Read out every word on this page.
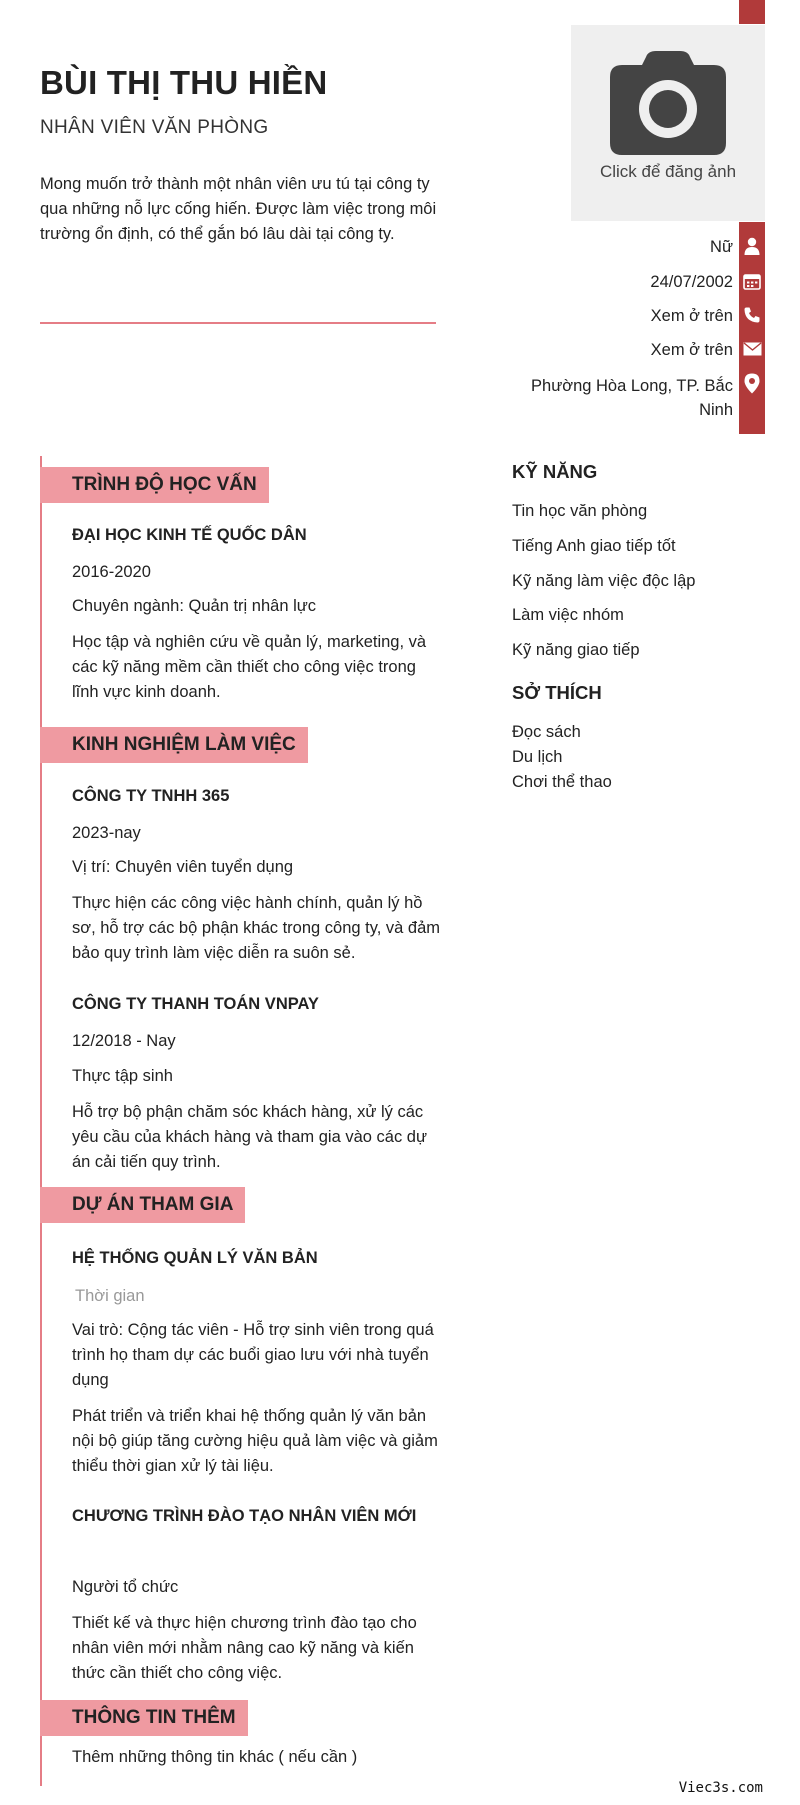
BÙI THỊ THU HIỀN
NHÂN VIÊN VĂN PHÒNG
Mong muốn trở thành một nhân viên ưu tú tại công ty qua những nỗ lực cống hiến. Được làm việc trong môi trường ổn định, có thể gắn bó lâu dài tại công ty.
Click để đăng ảnh
Nữ
24/07/2002
Xem ở trên
Xem ở trên
Phường Hòa Long, TP. Bắc Ninh
TRÌNH ĐỘ HỌC VẤN
ĐẠI HỌC KINH TẾ QUỐC DÂN
2016-2020
Chuyên ngành: Quản trị nhân lực
Học tập và nghiên cứu về quản lý, marketing, và các kỹ năng mềm cần thiết cho công việc trong lĩnh vực kinh doanh.
KINH NGHIỆM LÀM VIỆC
CÔNG TY TNHH 365
2023-nay
Vị trí: Chuyên viên tuyển dụng
Thực hiện các công việc hành chính, quản lý hồ sơ, hỗ trợ các bộ phận khác trong công ty, và đảm bảo quy trình làm việc diễn ra suôn sẻ.
CÔNG TY THANH TOÁN VNPAY
12/2018 - Nay
Thực tập sinh
Hỗ trợ bộ phận chăm sóc khách hàng, xử lý các yêu cầu của khách hàng và tham gia vào các dự án cải tiến quy trình.
DỰ ÁN THAM GIA
HỆ THỐNG QUẢN LÝ VĂN BẢN
Thời gian
Vai trò: Cộng tác viên - Hỗ trợ sinh viên trong quá trình họ tham dự các buổi giao lưu với nhà tuyển dụng
Phát triển và triển khai hệ thống quản lý văn bản nội bộ giúp tăng cường hiệu quả làm việc và giảm thiểu thời gian xử lý tài liệu.
CHƯƠNG TRÌNH ĐÀO TẠO NHÂN VIÊN MỚI
Người tổ chức
Thiết kế và thực hiện chương trình đào tạo cho nhân viên mới nhằm nâng cao kỹ năng và kiến thức cần thiết cho công việc.
THÔNG TIN THÊM
Thêm những thông tin khác ( nếu cần )
KỸ NĂNG
Tin học văn phòng
Tiếng Anh giao tiếp tốt
Kỹ năng làm việc độc lập
Làm việc nhóm
Kỹ năng giao tiếp
SỞ THÍCH
Đọc sách
Du lịch
Chơi thể thao
Viec3s.com
